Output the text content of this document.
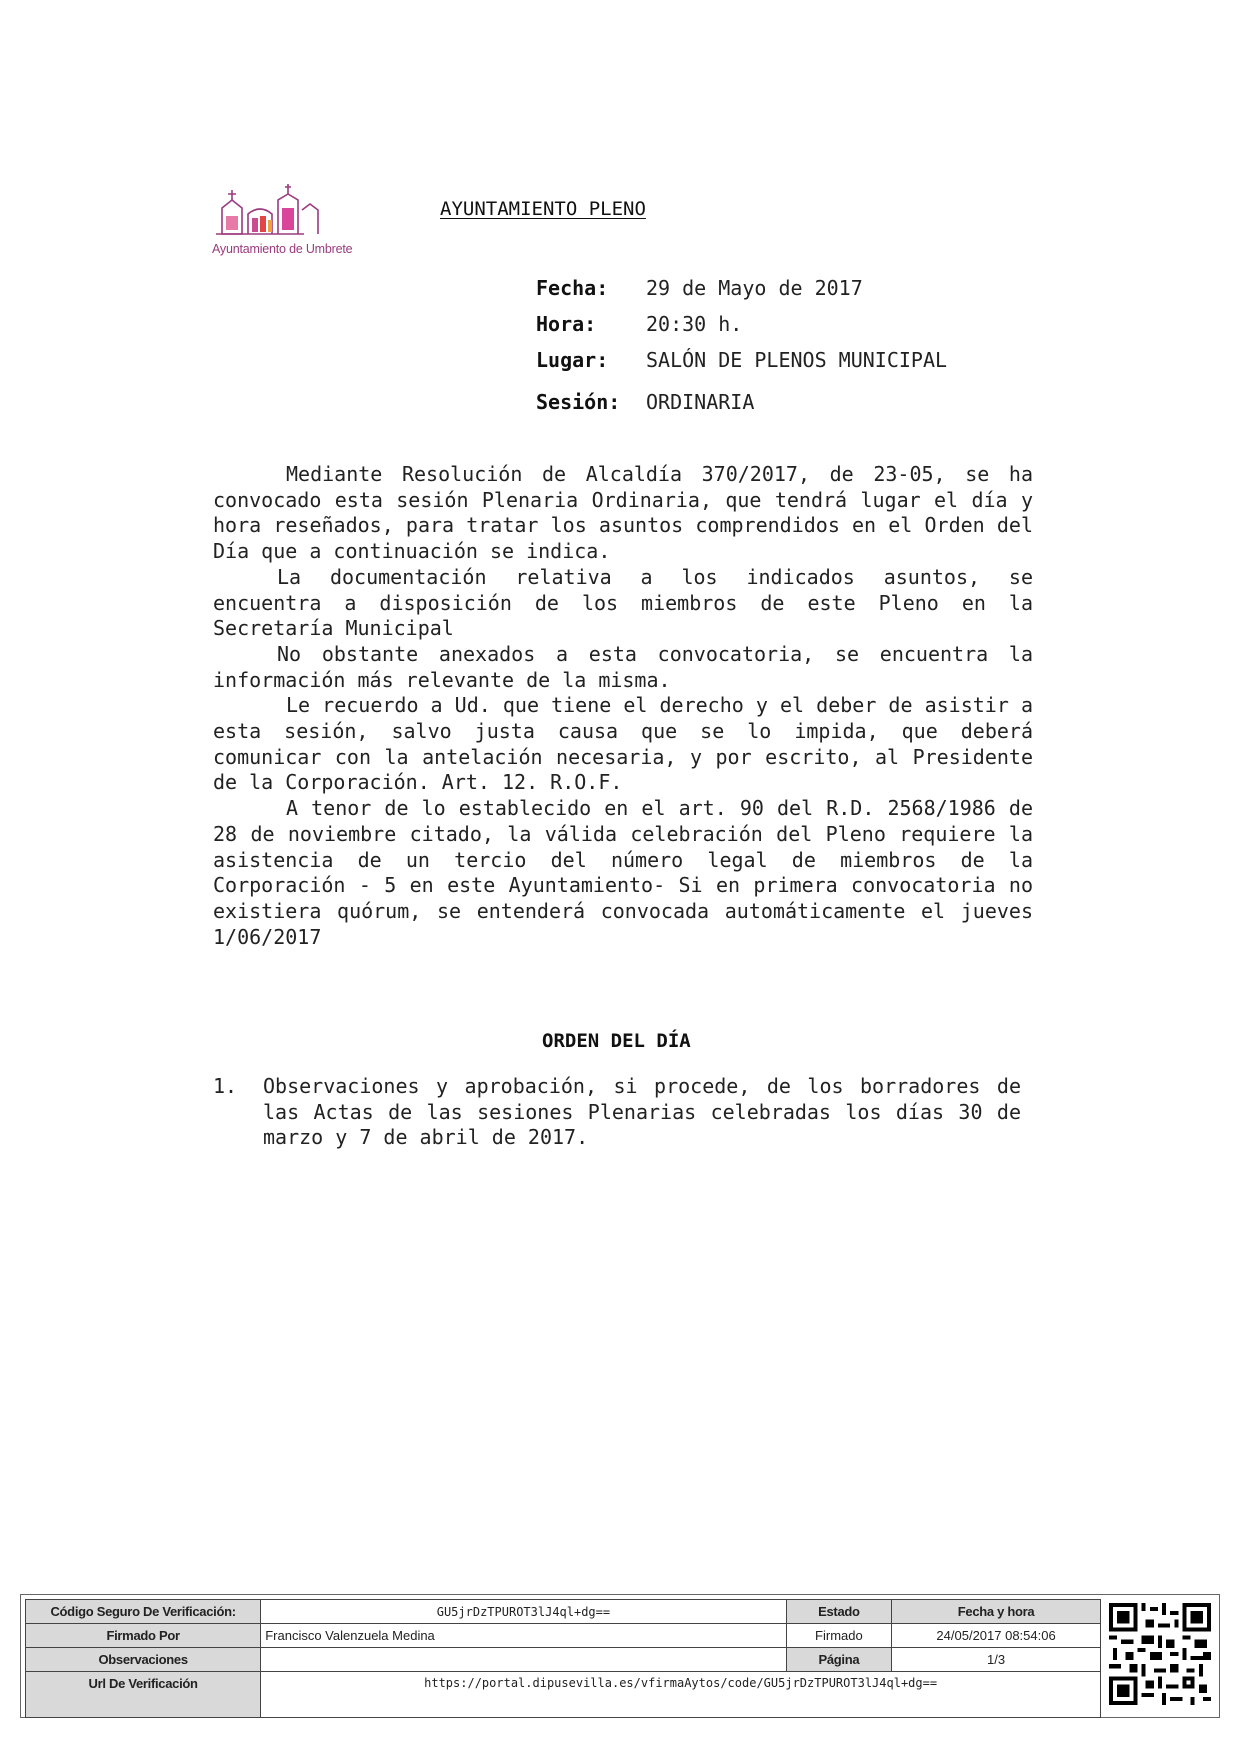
Ayuntamiento de Umbrete
AYUNTAMIENTO PLENO
Fecha: 29 de Mayo de 2017
Hora: 20:30 h.
Lugar: SALÓN DE PLENOS MUNICIPAL
Sesión: ORDINARIA

Mediante Resolución de Alcaldía 370/2017, de 23-05, se ha convocado esta sesión Plenaria Ordinaria, que tendrá lugar el día y hora reseñados, para tratar los asuntos comprendidos en el Orden del Día que a continuación se indica.

La documentación relativa a los indicados asuntos, se encuentra a disposición de los miembros de este Pleno en la Secretaría Municipal

No obstante anexados a esta convocatoria, se encuentra la información más relevante de la misma.

Le recuerdo a Ud. que tiene el derecho y el deber de asistir a esta sesión, salvo justa causa que se lo impida, que deberá comunicar con la antelación necesaria, y por escrito, al Presidente de la Corporación. Art. 12. R.O.F.

A tenor de lo establecido en el art. 90 del R.D. 2568/1986 de 28 de noviembre citado, la válida celebración del Pleno requiere la asistencia de un tercio del número legal de miembros de la Corporación - 5 en este Ayuntamiento- Si en primera convocatoria no existiera quórum, se entenderá convocada automáticamente el jueves 1/06/2017

ORDEN DEL DÍA
1.	Observaciones y aprobación, si procede, de los borradores de las Actas de las sesiones Plenarias celebradas los días 30 de marzo y 7 de abril de 2017.
Código Seguro De Verificación:	GU5jrDzTPUROT3lJ4ql+dg==	Estado	Fecha y hora
Firmado Por	Francisco Valenzuela Medina	Firmado	24/05/2017 08:54:06
Observaciones		Página	1/3
Url De Verificación	https://portal.dipusevilla.es/vfirmaAytos/code/GU5jrDzTPUROT3lJ4ql+dg==		
